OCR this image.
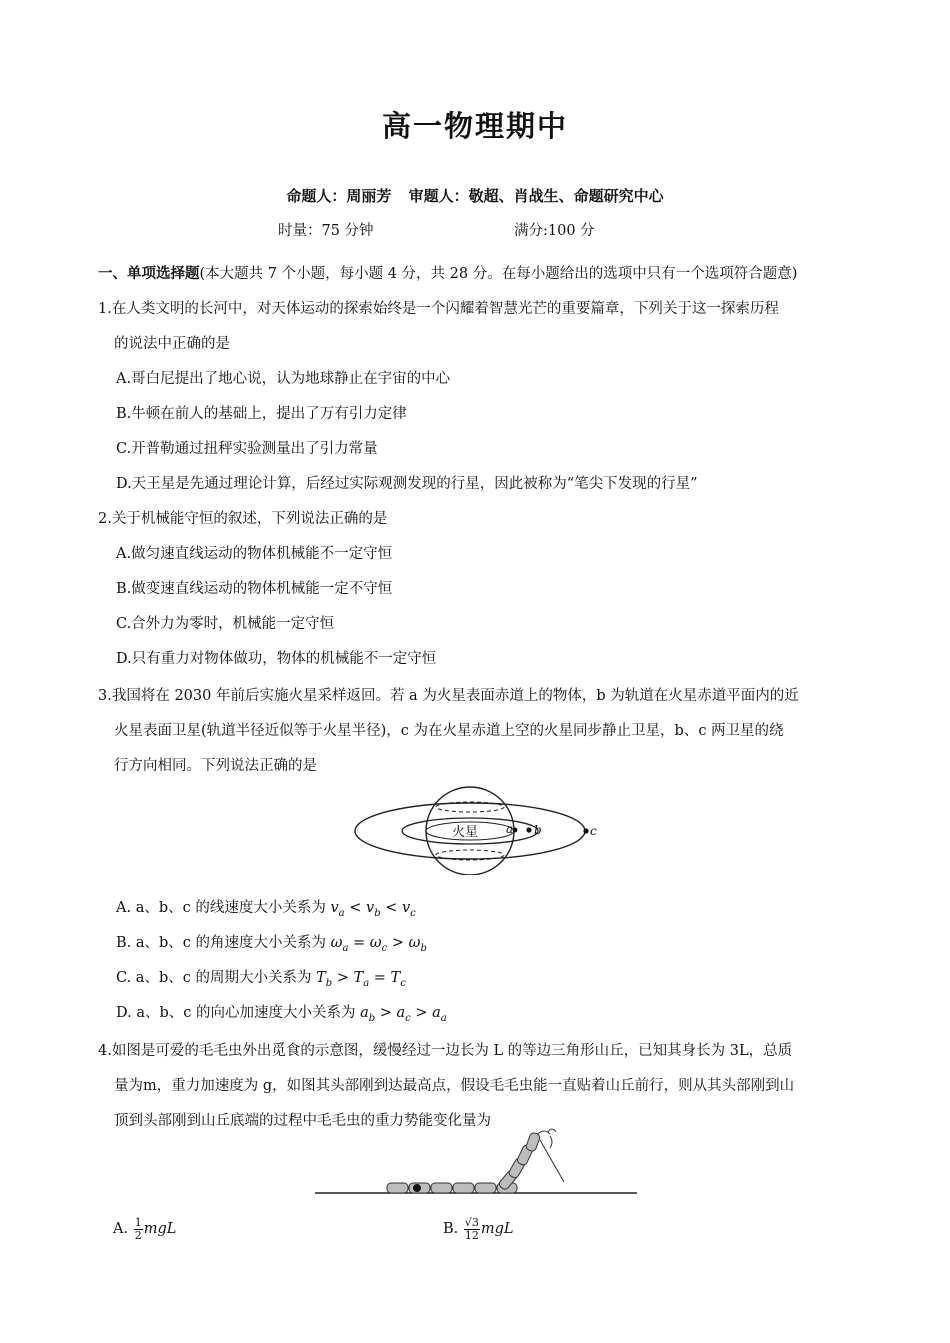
高一物理期中
命题人：周丽芳 审题人：敬超、肖战生、命题研究中心
时量：75 分钟	满分:100 分
一、单项选择题(本大题共 7 个小题，每小题 4 分，共 28 分。在每小题给出的选项中只有一个选项符合题意)
1.在人类文明的长河中，对天体运动的探索始终是一个闪耀着智慧光芒的重要篇章，下列关于这一探索历程
的说法中正确的是
A.哥白尼提出了地心说，认为地球静止在宇宙的中心
B.牛顿在前人的基础上，提出了万有引力定律
C.开普勒通过扭秤实验测量出了引力常量
D.天王星是先通过理论计算，后经过实际观测发现的行星，因此被称为“笔尖下发现的行星”
2.关于机械能守恒的叙述，下列说法正确的是
A.做匀速直线运动的物体机械能不一定守恒
B.做变速直线运动的物体机械能一定不守恒
C.合外力为零时，机械能一定守恒
D.只有重力对物体做功，物体的机械能不一定守恒
3.我国将在 2030 年前后实施火星采样返回。若 a 为火星表面赤道上的物体，b 为轨道在火星赤道平面内的近
火星表面卫星(轨道半径近似等于火星半径)，c 为在火星赤道上空的火星同步静止卫星，b、c 两卫星的绕
行方向相同。下列说法正确的是
火星 a b	c
A. a、b、c 的线速度大小关系为 $v_a < v_b < v_c$
B. a、b、c 的角速度大小关系为 $\omega_a = \omega_c > \omega_b$
C. a、b、c 的周期大小关系为 $T_b > T_a = T_c$
D. a、b、c 的向心加速度大小关系为 $a_b > a_c > a_a$
4.如图是可爱的毛毛虫外出觅食的示意图，缓慢经过一边长为 L 的等边三角形山丘，已知其身长为 3L，总质
量为m，重力加速度为 g，如图其头部刚到达最高点，假设毛毛虫能一直贴着山丘前行，则从其头部刚到山
顶到头部刚到山丘底端的过程中毛毛虫的重力势能变化量为
A. $\frac{1}{2}$ mgL	B. $\frac{√3}{12}$ mgL
